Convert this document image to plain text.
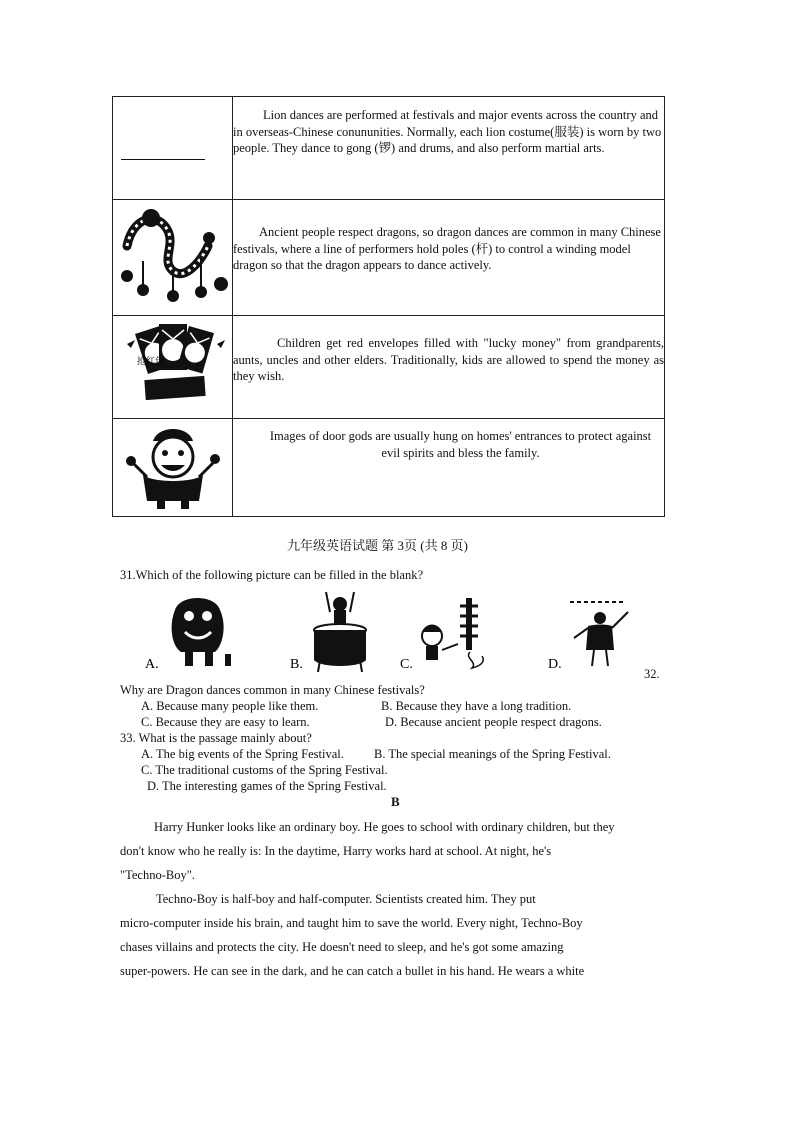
	Lion dances are performed at festivals and major events across the country and in overseas-Chinese conununities. Normally, each lion costume(服装) is worn by two people. They dance to gong (锣) and drums, and also perform martial arts.

Ancient people respect dragons, so dragon dances are common in many Chinese festivals, where a line of performers hold poles (杆) to control a winding model dragon so that the dragon appears to dance actively.

抢红包	Children get red envelopes filled with "lucky money" from grandparents, aunts, uncles and other elders. Traditionally, kids are allowed to spend the money as they wish.

Images of door gods are usually hung on homes' entrances to protect against evil spirits and bless the family.
九年级英语试题 第 3页 (共 8 页)
31.Which of the following picture can be filled in the blank?
A.	B.	C.	D.
32.
Why are Dragon dances common in many Chinese festivals?
A. Because many people like them.	B. Because they have a long tradition.
C. Because they are easy to learn.	D. Because ancient people respect dragons.
33. What is the passage mainly about?
A. The big events of the Spring Festival. B. The special meanings of the Spring Festival.
C. The traditional customs of the Spring Festival.
D. The interesting games of the Spring Festival.
B
Harry Hunker looks like an ordinary boy. He goes to school with ordinary children, but they
don't know who he really is: In the daytime, Harry works hard at school. At night, he's
"Techno-Boy".
Techno-Boy is half-boy and half-computer. Scientists created him. They put
micro-computer inside his brain, and taught him to save the world. Every night, Techno-Boy
chases villains and protects the city. He doesn't need to sleep, and he's got some amazing
super-powers. He can see in the dark, and he can catch a bullet in his hand. He wears a white
